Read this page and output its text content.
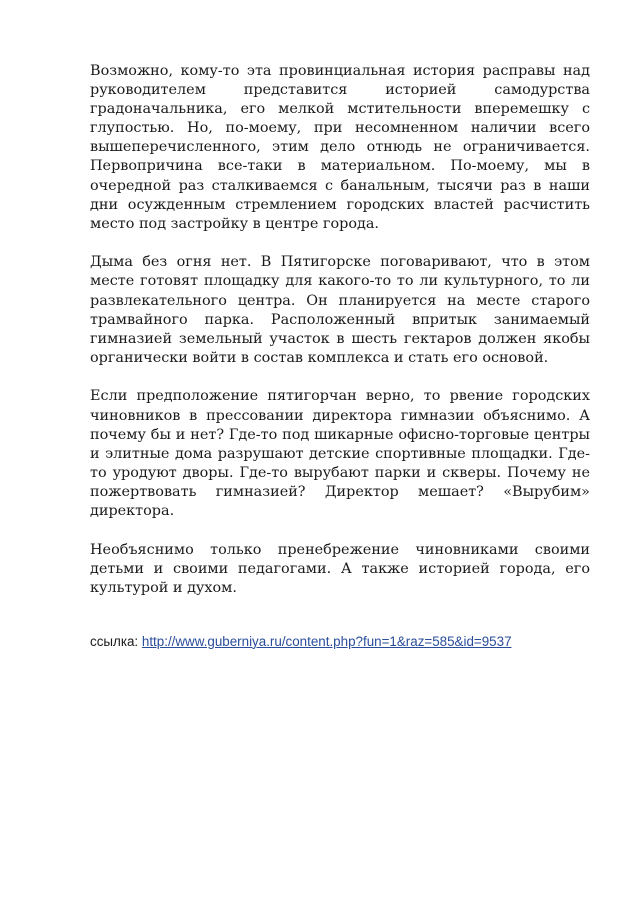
Возможно, кому-то эта провинциальная история расправы над руководителем представится историей самодурства градоначальника, его мелкой мстительности вперемешку с глупостью. Но, по-моему, при несомненном наличии всего вышеперечисленного, этим дело отнюдь не ограничивается. Первопричина все-таки в материальном. По-моему, мы в очередной раз сталкиваемся с банальным, тысячи раз в наши дни осужденным стремлением городских властей расчистить место под застройку в центре города.

Дыма без огня нет. В Пятигорске поговаривают, что в этом месте готовят площадку для какого-то то ли культурного, то ли развлекательного центра. Он планируется на месте старого трамвайного парка. Расположенный впритык занимаемый гимназией земельный участок в шесть гектаров должен якобы органически войти в состав комплекса и стать его основой.

Если предположение пятигорчан верно, то рвение городских чиновников в прессовании директора гимназии объяснимо. А почему бы и нет? Где-то под шикарные офисно-торговые центры и элитные дома разрушают детские спортивные площадки. Где-то уродуют дворы. Где-то вырубают парки и скверы. Почему не пожертвовать гимназией? Директор мешает? «Вырубим» директора.

Необъяснимо только пренебрежение чиновниками своими детьми и своими педагогами. А также историей города, его культурой и духом.

ссылка: http://www.guberniya.ru/content.php?fun=1&raz=585&id=9537
